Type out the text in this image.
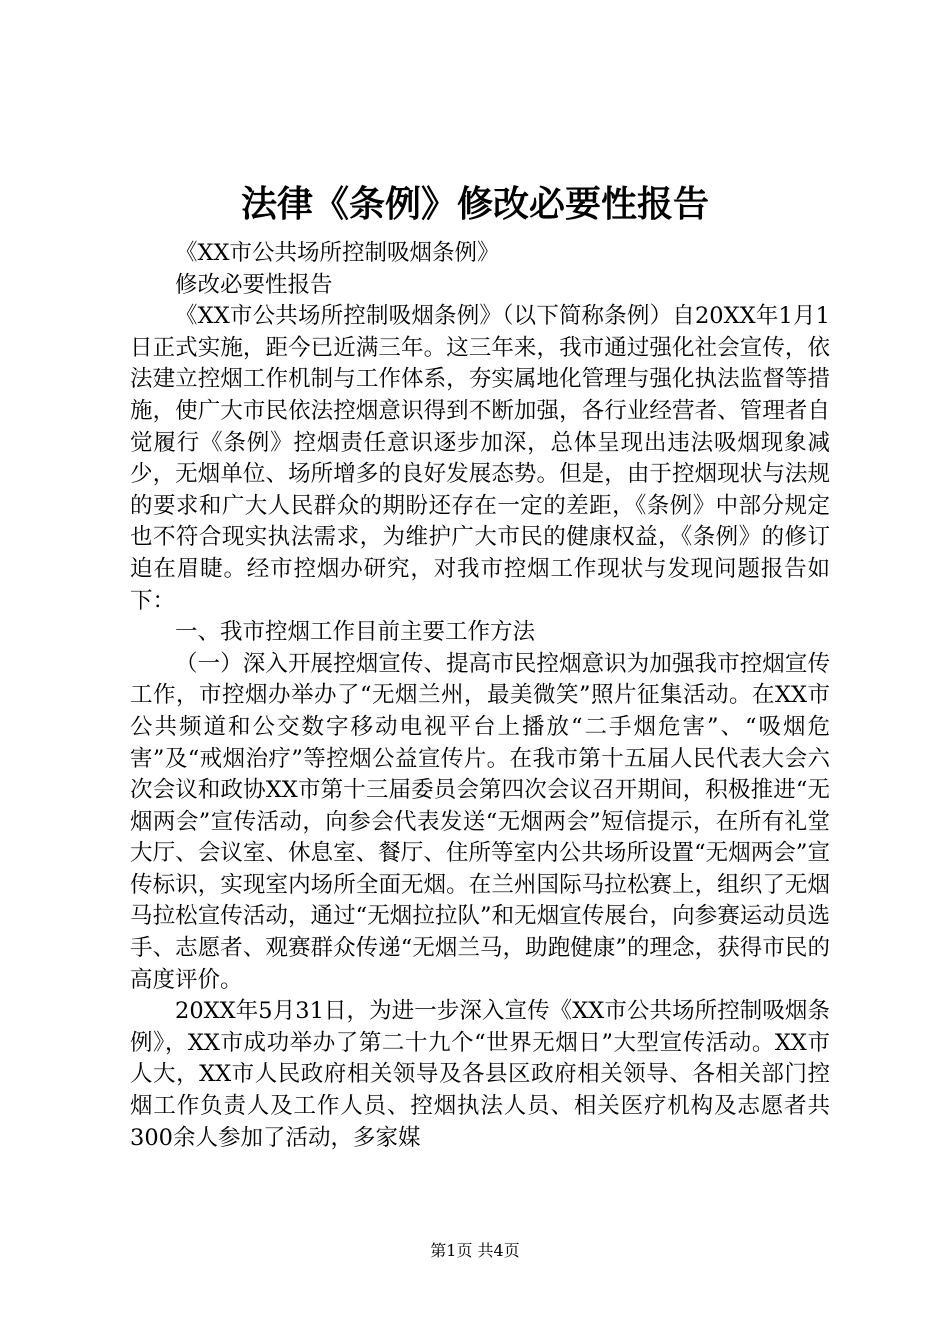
法律《条例》修改必要性报告

《XX市公共场所控制吸烟条例》

修改必要性报告

《XX市公共场所控制吸烟条例》（以下简称条例）自20XX年1月1日正式实施，距今已近满三年。这三年来，我市通过强化社会宣传，依法建立控烟工作机制与工作体系，夯实属地化管理与强化执法监督等措施，使广大市民依法控烟意识得到不断加强，各行业经营者、管理者自觉履行《条例》控烟责任意识逐步加深，总体呈现出违法吸烟现象减少，无烟单位、场所增多的良好发展态势。但是，由于控烟现状与法规的要求和广大人民群众的期盼还存在一定的差距，《条例》中部分规定也不符合现实执法需求，为维护广大市民的健康权益，《条例》的修订迫在眉睫。经市控烟办研究，对我市控烟工作现状与发现问题报告如下：

一、我市控烟工作目前主要工作方法

（一）深入开展控烟宣传、提高市民控烟意识为加强我市控烟宣传工作，市控烟办举办了“无烟兰州，最美微笑”照片征集活动。在XX市公共频道和公交数字移动电视平台上播放“二手烟危害”、“吸烟危害”及“戒烟治疗”等控烟公益宣传片。在我市第十五届人民代表大会六次会议和政协XX市第十三届委员会第四次会议召开期间，积极推进“无烟两会”宣传活动，向参会代表发送“无烟两会”短信提示，在所有礼堂大厅、会议室、休息室、餐厅、住所等室内公共场所设置“无烟两会”宣传标识，实现室内场所全面无烟。在兰州国际马拉松赛上，组织了无烟马拉松宣传活动，通过“无烟拉拉队”和无烟宣传展台，向参赛运动员选手、志愿者、观赛群众传递“无烟兰马，助跑健康”的理念，获得市民的高度评价。

20XX年5月31日，为进一步深入宣传《XX市公共场所控制吸烟条例》，XX市成功举办了第二十九个“世界无烟日”大型宣传活动。XX市人大，XX市人民政府相关领导及各县区政府相关领导、各相关部门控烟工作负责人及工作人员、控烟执法人员、相关医疗机构及志愿者共300余人参加了活动，多家媒

第1页 共4页
